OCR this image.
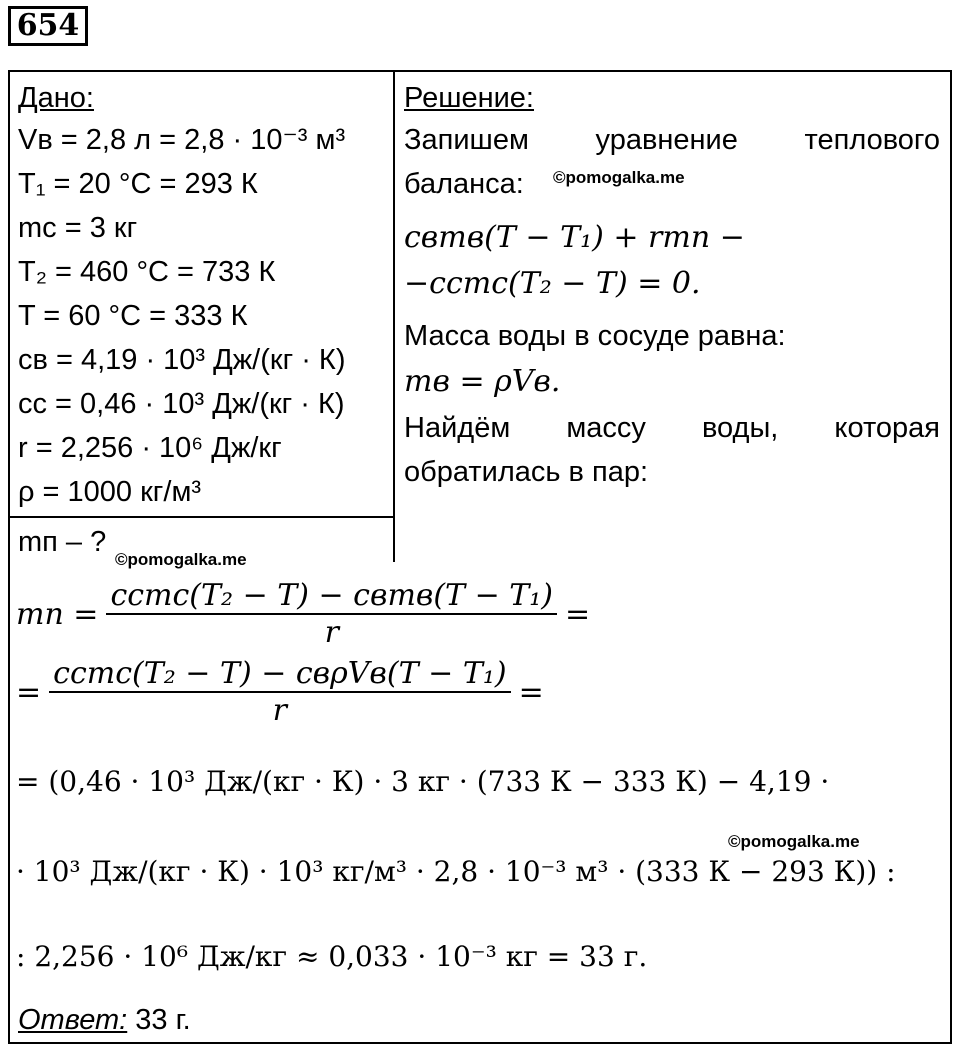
654
Дано:
Vв = 2,8 л = 2,8 · 10⁻³ м³
T₁ = 20 °C = 293 К
mс = 3 кг
T₂ = 460 °C = 733 К
T = 60 °C = 333 К
cв = 4,19 · 10³ Дж/(кг · К)
cс = 0,46 · 10³ Дж/(кг · К)
r = 2,256 · 10⁶ Дж/кг
ρ = 1000 кг/м³
mп – ?
Решение:
Запишем уравнение теплового
баланса: ©pomogalka.me
cвmв(T − T₁) + rmп −
−cсmс(T₂ − T) = 0.
Масса воды в сосуде равна:
mв = ρVв.
Найдём массу воды, которая
обратилась в пар:
©pomogalka.me
mп = $\frac{\text{cсmс(T₂ − T) − cвmв(T − T₁)}}{r}$ =
= $\frac{\text{cсmс(T₂ − T) − cвρVв(T − T₁)}}{r}$ =
= (0,46 · 10³ Дж/(кг · К) · 3 кг · (733 К − 333 К) − 4,19 ·
©pomogalka.me
· 10³ Дж/(кг · К) · 10³ кг/м³ · 2,8 · 10⁻³ м³ · (333 К − 293 К)) :
: 2,256 · 10⁶ Дж/кг ≈ 0,033 · 10⁻³ кг = 33 г.
Ответ: 33 г.
